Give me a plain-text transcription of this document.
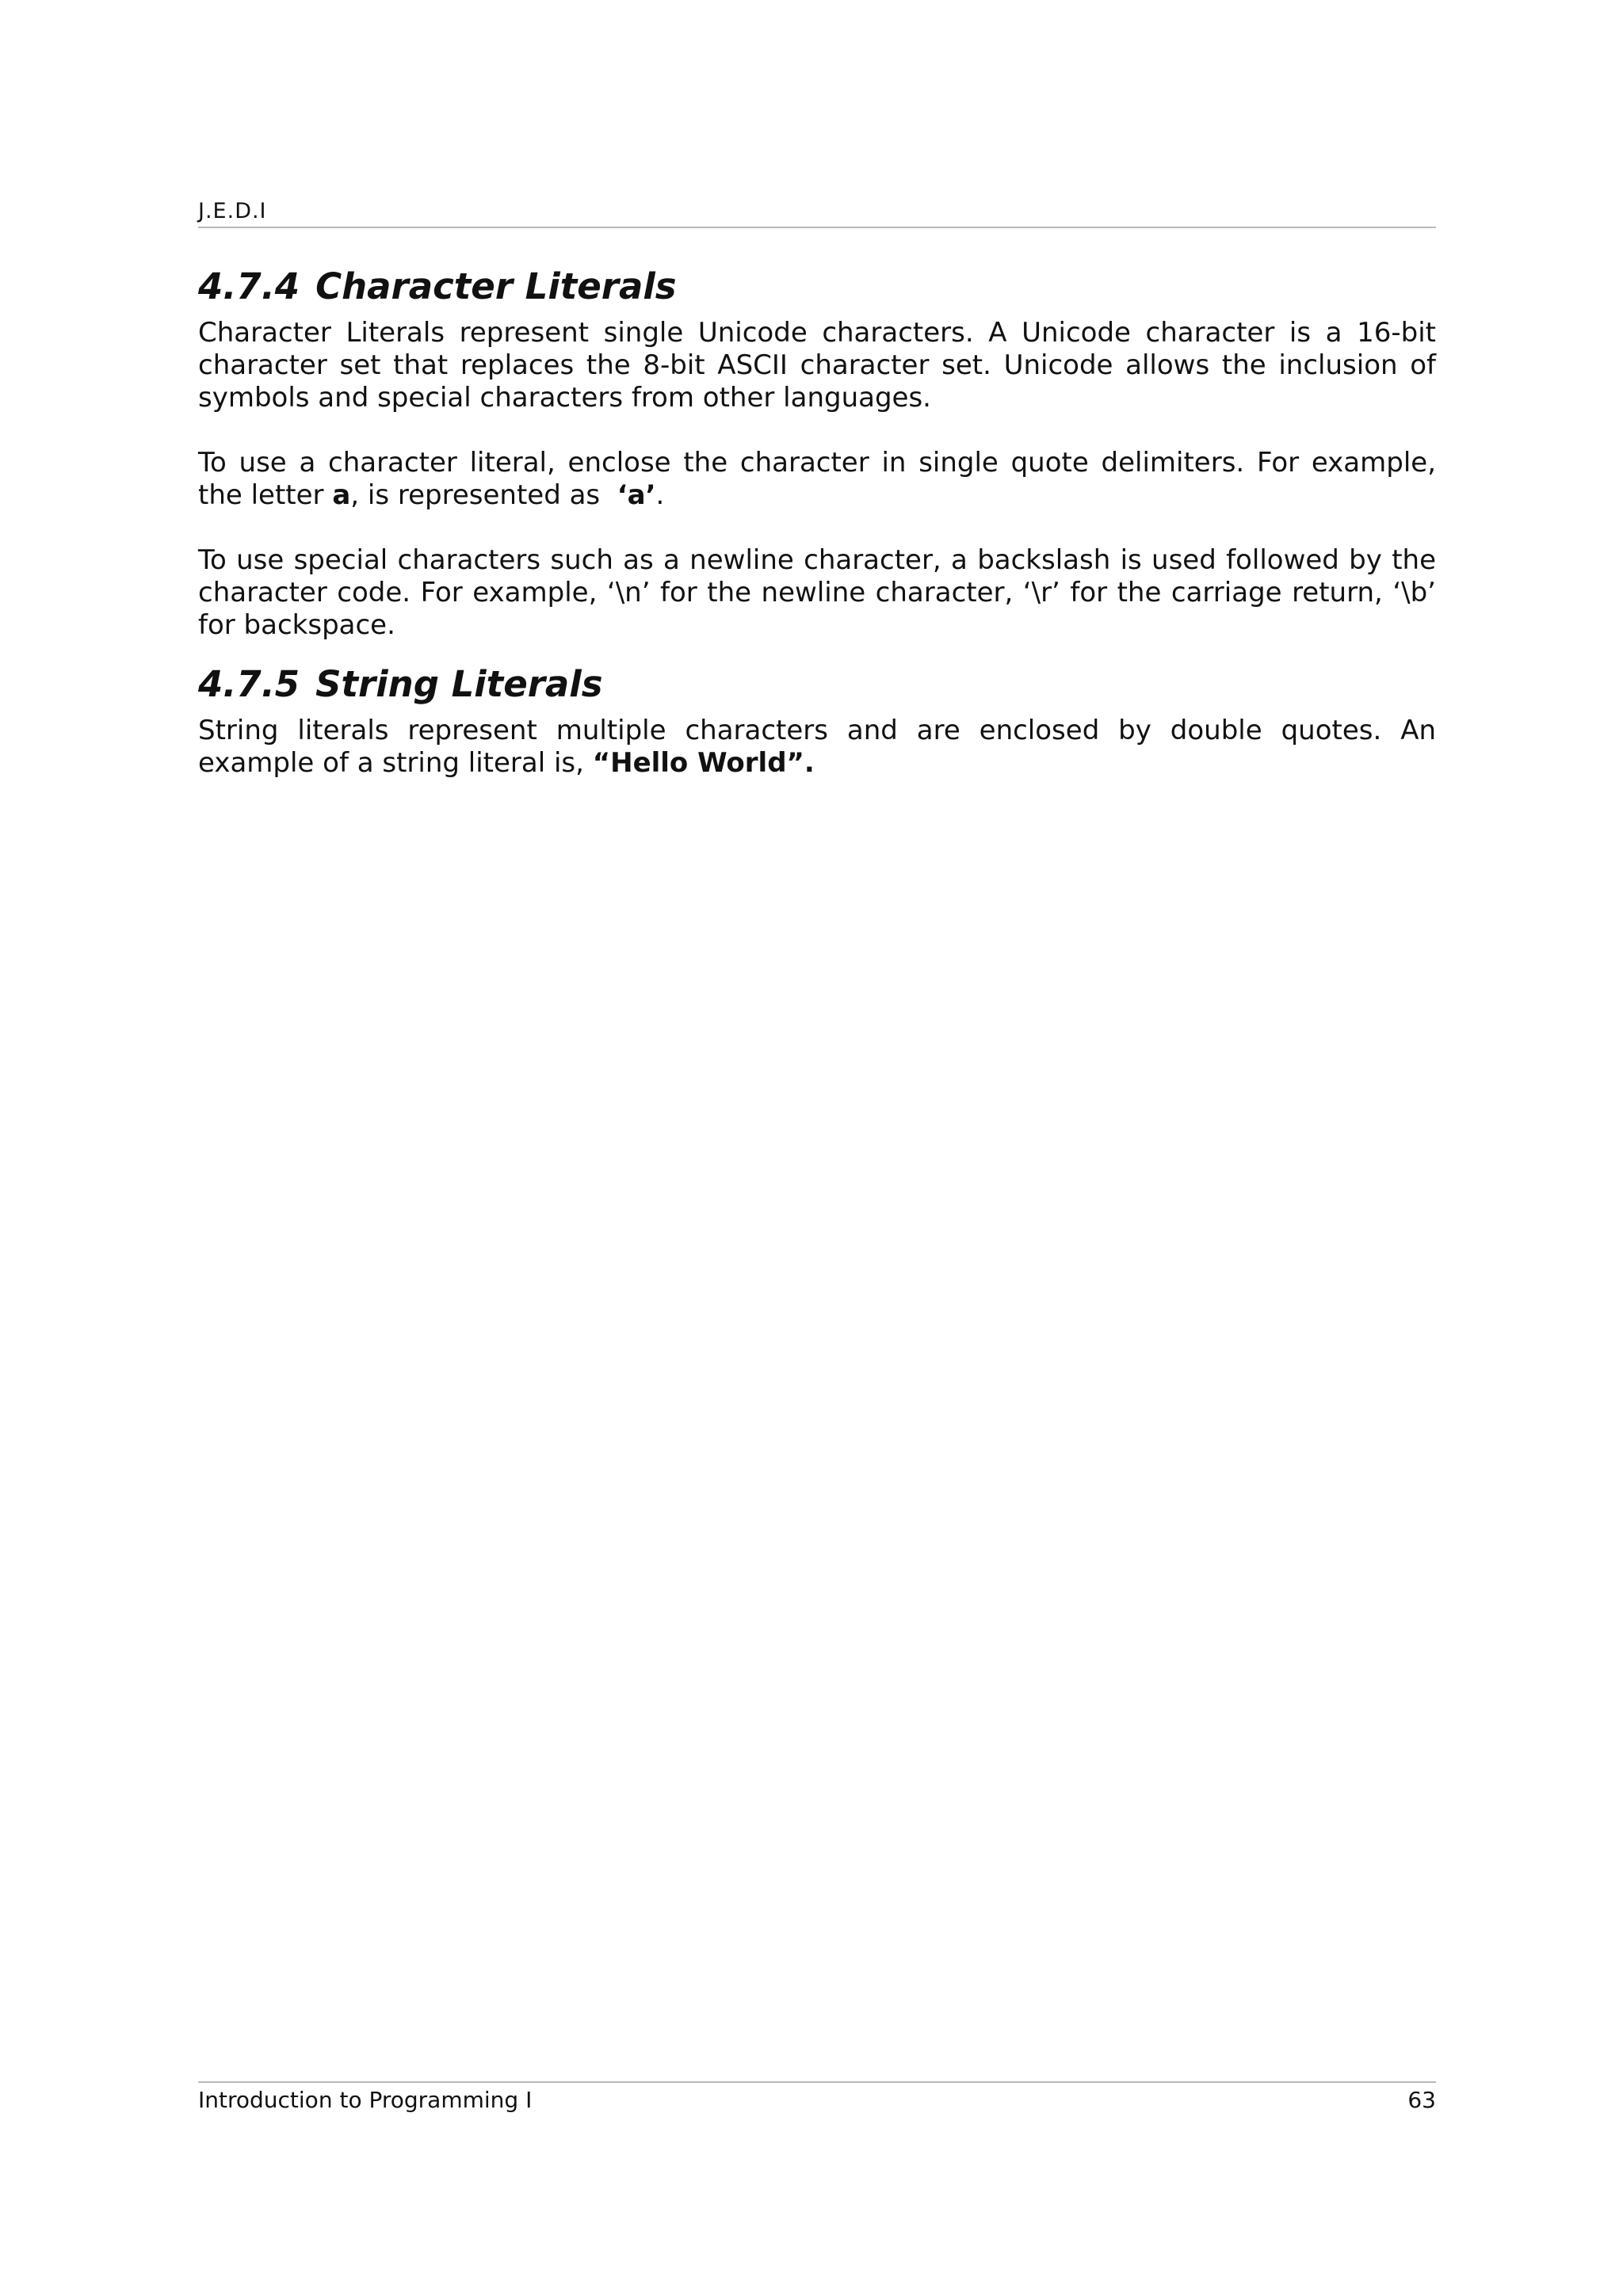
J.E.D.I
4.7.4 Character Literals

Character Literals represent single Unicode characters. A Unicode character is a 16-bit character set that replaces the 8-bit ASCII character set. Unicode allows the inclusion of symbols and special characters from other languages.

To use a character literal, enclose the character in single quote delimiters. For example, the letter a, is represented as  ‘a’.

To use special characters such as a newline character, a backslash is used followed by the character code. For example, ‘\n’ for the newline character, ‘\r’ for the carriage return, ‘\b’ for backspace.

4.7.5 String Literals

String literals represent multiple characters and are enclosed by double quotes. An example of a string literal is, “Hello World”.

Introduction to Programming I	63
